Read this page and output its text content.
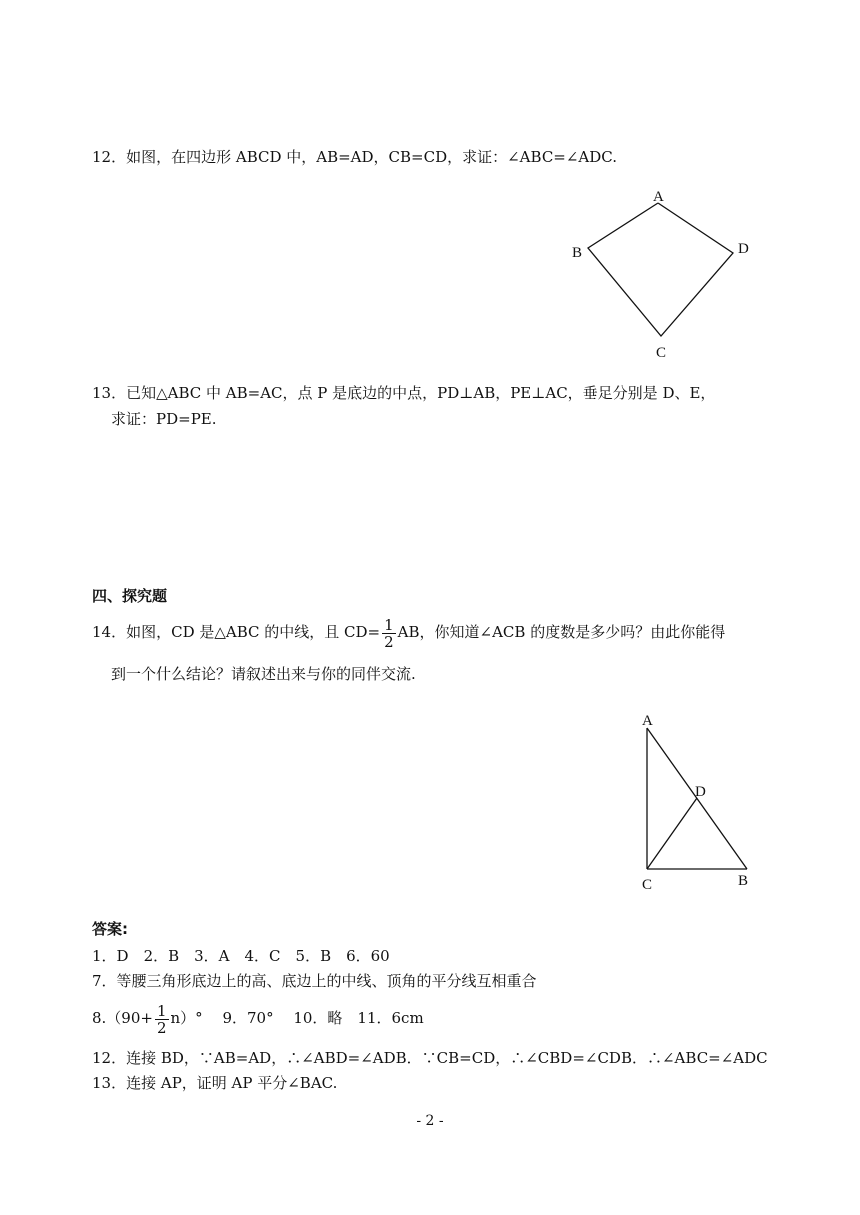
12．如图，在四边形 ABCD 中，AB=AD，CB=CD，求证：∠ABC=∠ADC.
A
B	D
C
13．已知△ABC 中 AB=AC，点 P 是底边的中点，PD⊥AB，PE⊥AC，垂足分别是 D、E，
求证：PD=PE.
四、探究题
14．如图，CD 是△ABC 的中线，且 $CD= \frac{1}{2}$ AB，你知道∠ACB 的度数是多少吗？由此你能得
到一个什么结论？请叙述出来与你的同伴交流.
A
D
C	B
答案:
1．D　2．B　3．A　4．C　5．B　6．60
7．等腰三角形底边上的高、底边上的中线、顶角的平分线互相重合
$8.(90+ \frac{1}{2} n)^\circ$　 9．70°　 10．略　11．6cm
12．连接 BD，∵AB=AD，∴∠ABD=∠ADB．∵CB=CD，∴∠CBD=∠CDB．∴∠ABC=∠ADC
13．连接 AP，证明 AP 平分∠BAC.
- 2 -
